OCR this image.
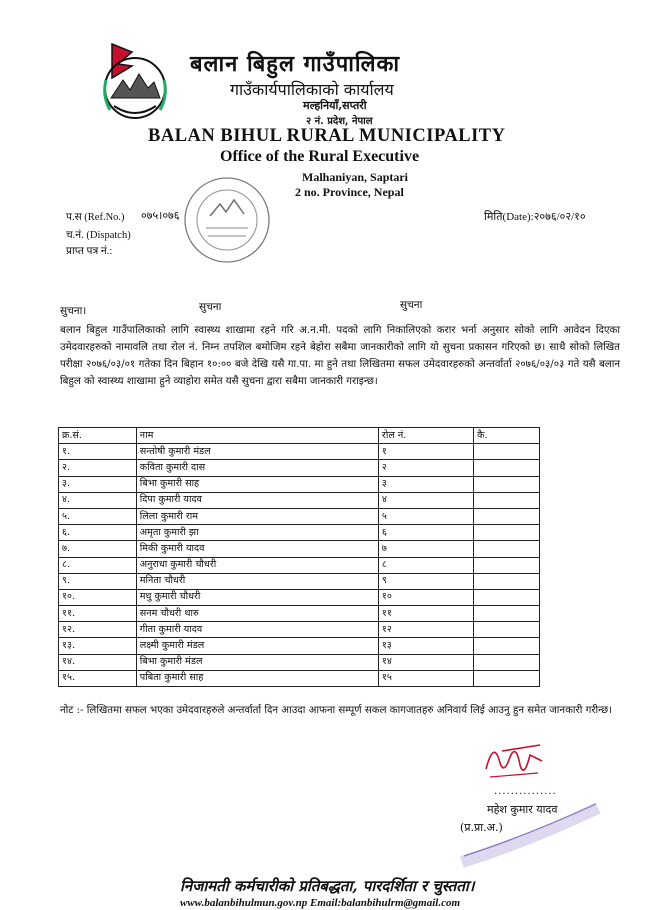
बलान बिहुल गाउँपालिका
गाउँकार्यपालिकाको कार्यालय
मल्हनियाँ,सप्तरी
२ नं. प्रदेश, नेपाल
BALAN BIHUL RURAL MUNICIPALITY
Office of the Rural Executive
Malhaniyan, Saptari
2 no. Province, Nepal
प.स (Ref.No.) ०७५।०७६
च.नं. (Dispatch)
प्राप्त पत्र नं.:
मिति(Date):२०७६/०२/१०
सुचना।	सुचना	सुचना
बलान बिहुल गाउँपालिकाको लागि स्वास्थ्य शाखामा रहने गरि अ.न.मी. पदको लागि निकालिएको करार भर्ना अनुसार सोको लागि आवेदन दिएका उमेदवारहरुको नामावलि तथा रोल नं. निम्न तपशिल बमोजिम रहने बेहोरा सबैमा जानकारीको लागि यो सुचना प्रकासन गरिएको छ। साथै सोको लिखित परीक्षा २०७६/०३/०१ गतेका दिन बिहान १०:०० बजे देखि यसै गा.पा. मा हुने तथा लिखितमा सफल उमेदवारहरुको अन्तर्वार्ता २०७६/०३/०३ गते यसै बलान बिहुल को स्वास्थ्य शाखामा हुने व्याहोरा समेत यसै सुचना द्वारा सबैमा जानकारी गराइन्छ।
क्र.सं.	नाम	रोल नं.	कै.
१.	सन्तोषी कुमारी मंडल	१	
२.	कविता कुमारी दास	२	
३.	बिभा कुमारी साह	३	
४.	दिपा कुमारी यादव	४	
५.	लिला कुमारी राम	५	
६.	अमृता कुमारी झा	६	
७.	मिकी कुमारी यादव	७	
८.	अनुराधा कुमारी चौधरी	८	
९.	मनिता चौधरी	९	
१०.	मधु कुमारी चौधरी	१०	
११.	सनम चौधरी थारु	११	
१२.	गीता कुमारी यादव	१२	
१३.	लक्ष्मी कुमारी मंडल	१३	
१४.	बिभा कुमारी मंडल	१४	
१५.	पबिता कुमारी साह	१५	
नोट :- लिखितमा सफल भएका उमेदवारहरुले अन्तर्वार्ता दिन आउदा आफना सम्पूर्ण सकल कागजातहरु अनिवार्य लिई आउनु हुन समेत जानकारी गरीन्छ।
...............
महेश कुमार यादव
(प्र.प्रा.अ.)
निजामती कर्मचारीको प्रतिबद्धता, पारदर्शिता र चुस्तता।
www.balanbihulmun.gov.np Email:balanbihulrm@gmail.com
